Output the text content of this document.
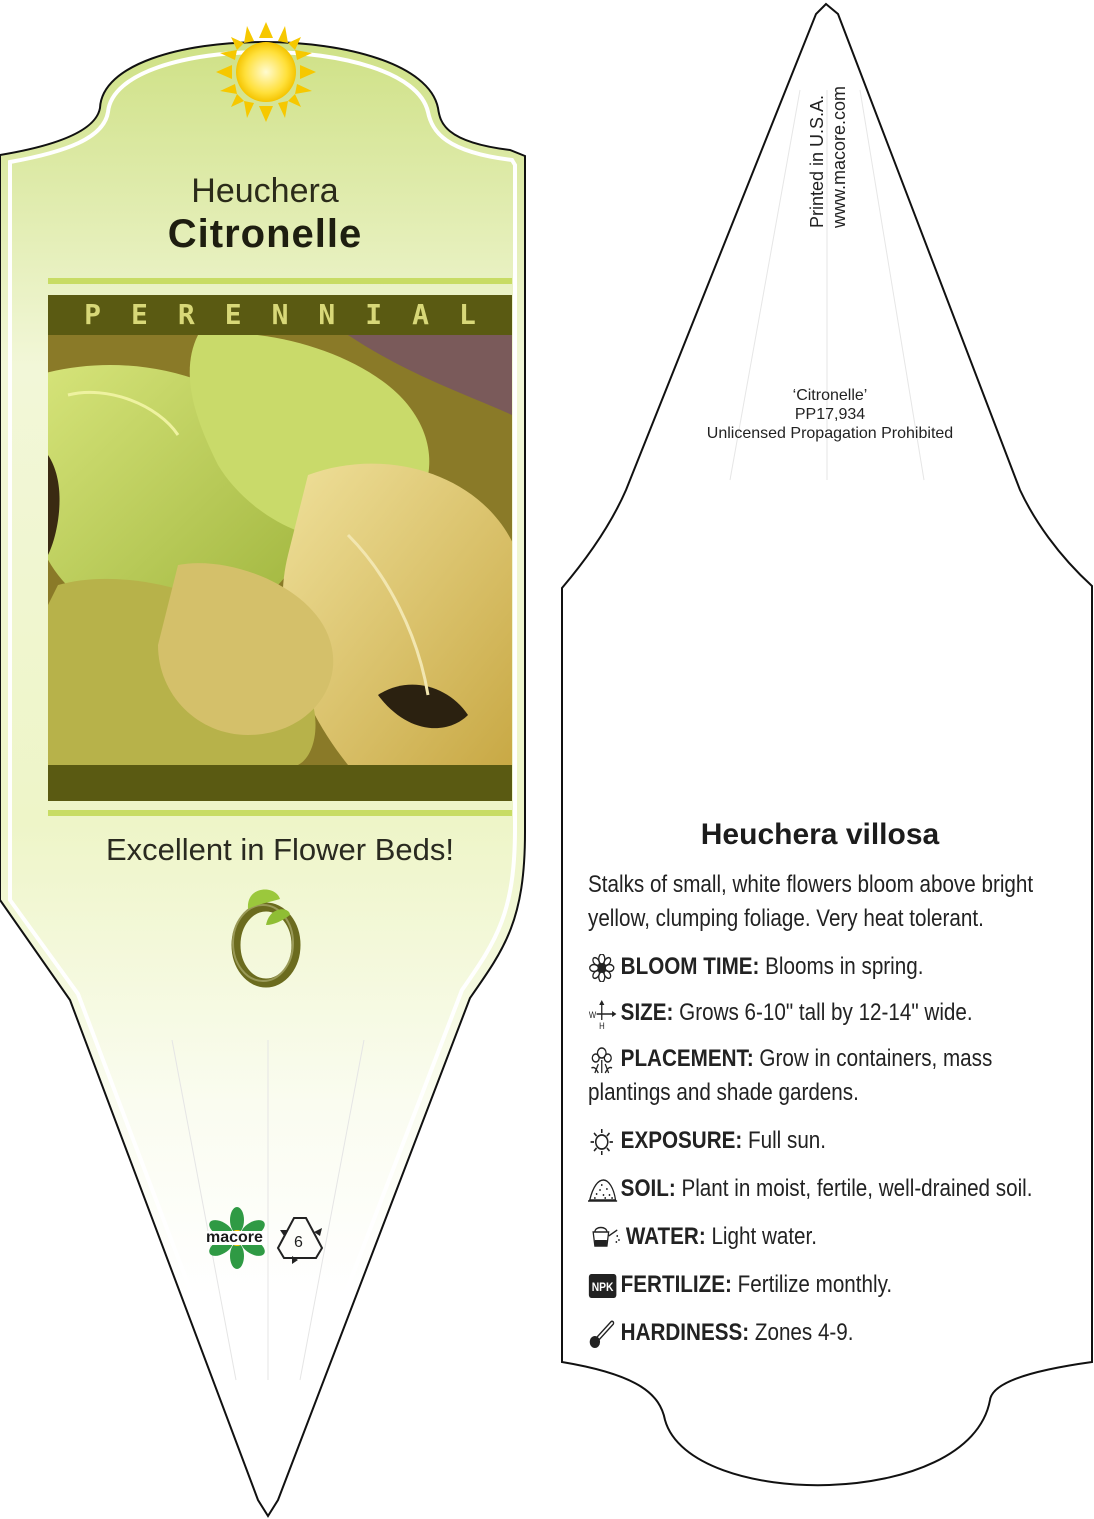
Heuchera
Citronelle
PERENNIAL
Excellent in Flower Beds!
macore 6
Printed in U.S.A. www.macore.com
‘Citronelle’
PP17,934
Unlicensed Propagation Prohibited
Heuchera villosa
Stalks of small, white flowers bloom above bright yellow, clumping foliage. Very heat tolerant.
BLOOM TIME: Blooms in spring.
W
H SIZE: Grows 6-10" tall by 12-14" wide.
PLACEMENT: Grow in containers, mass plantings and shade gardens.
EXPOSURE: Full sun.
SOIL: Plant in moist, fertile, well-drained soil.
WATER: Light water.
NPK FERTILIZE: Fertilize monthly.
HARDINESS: Zones 4-9.
